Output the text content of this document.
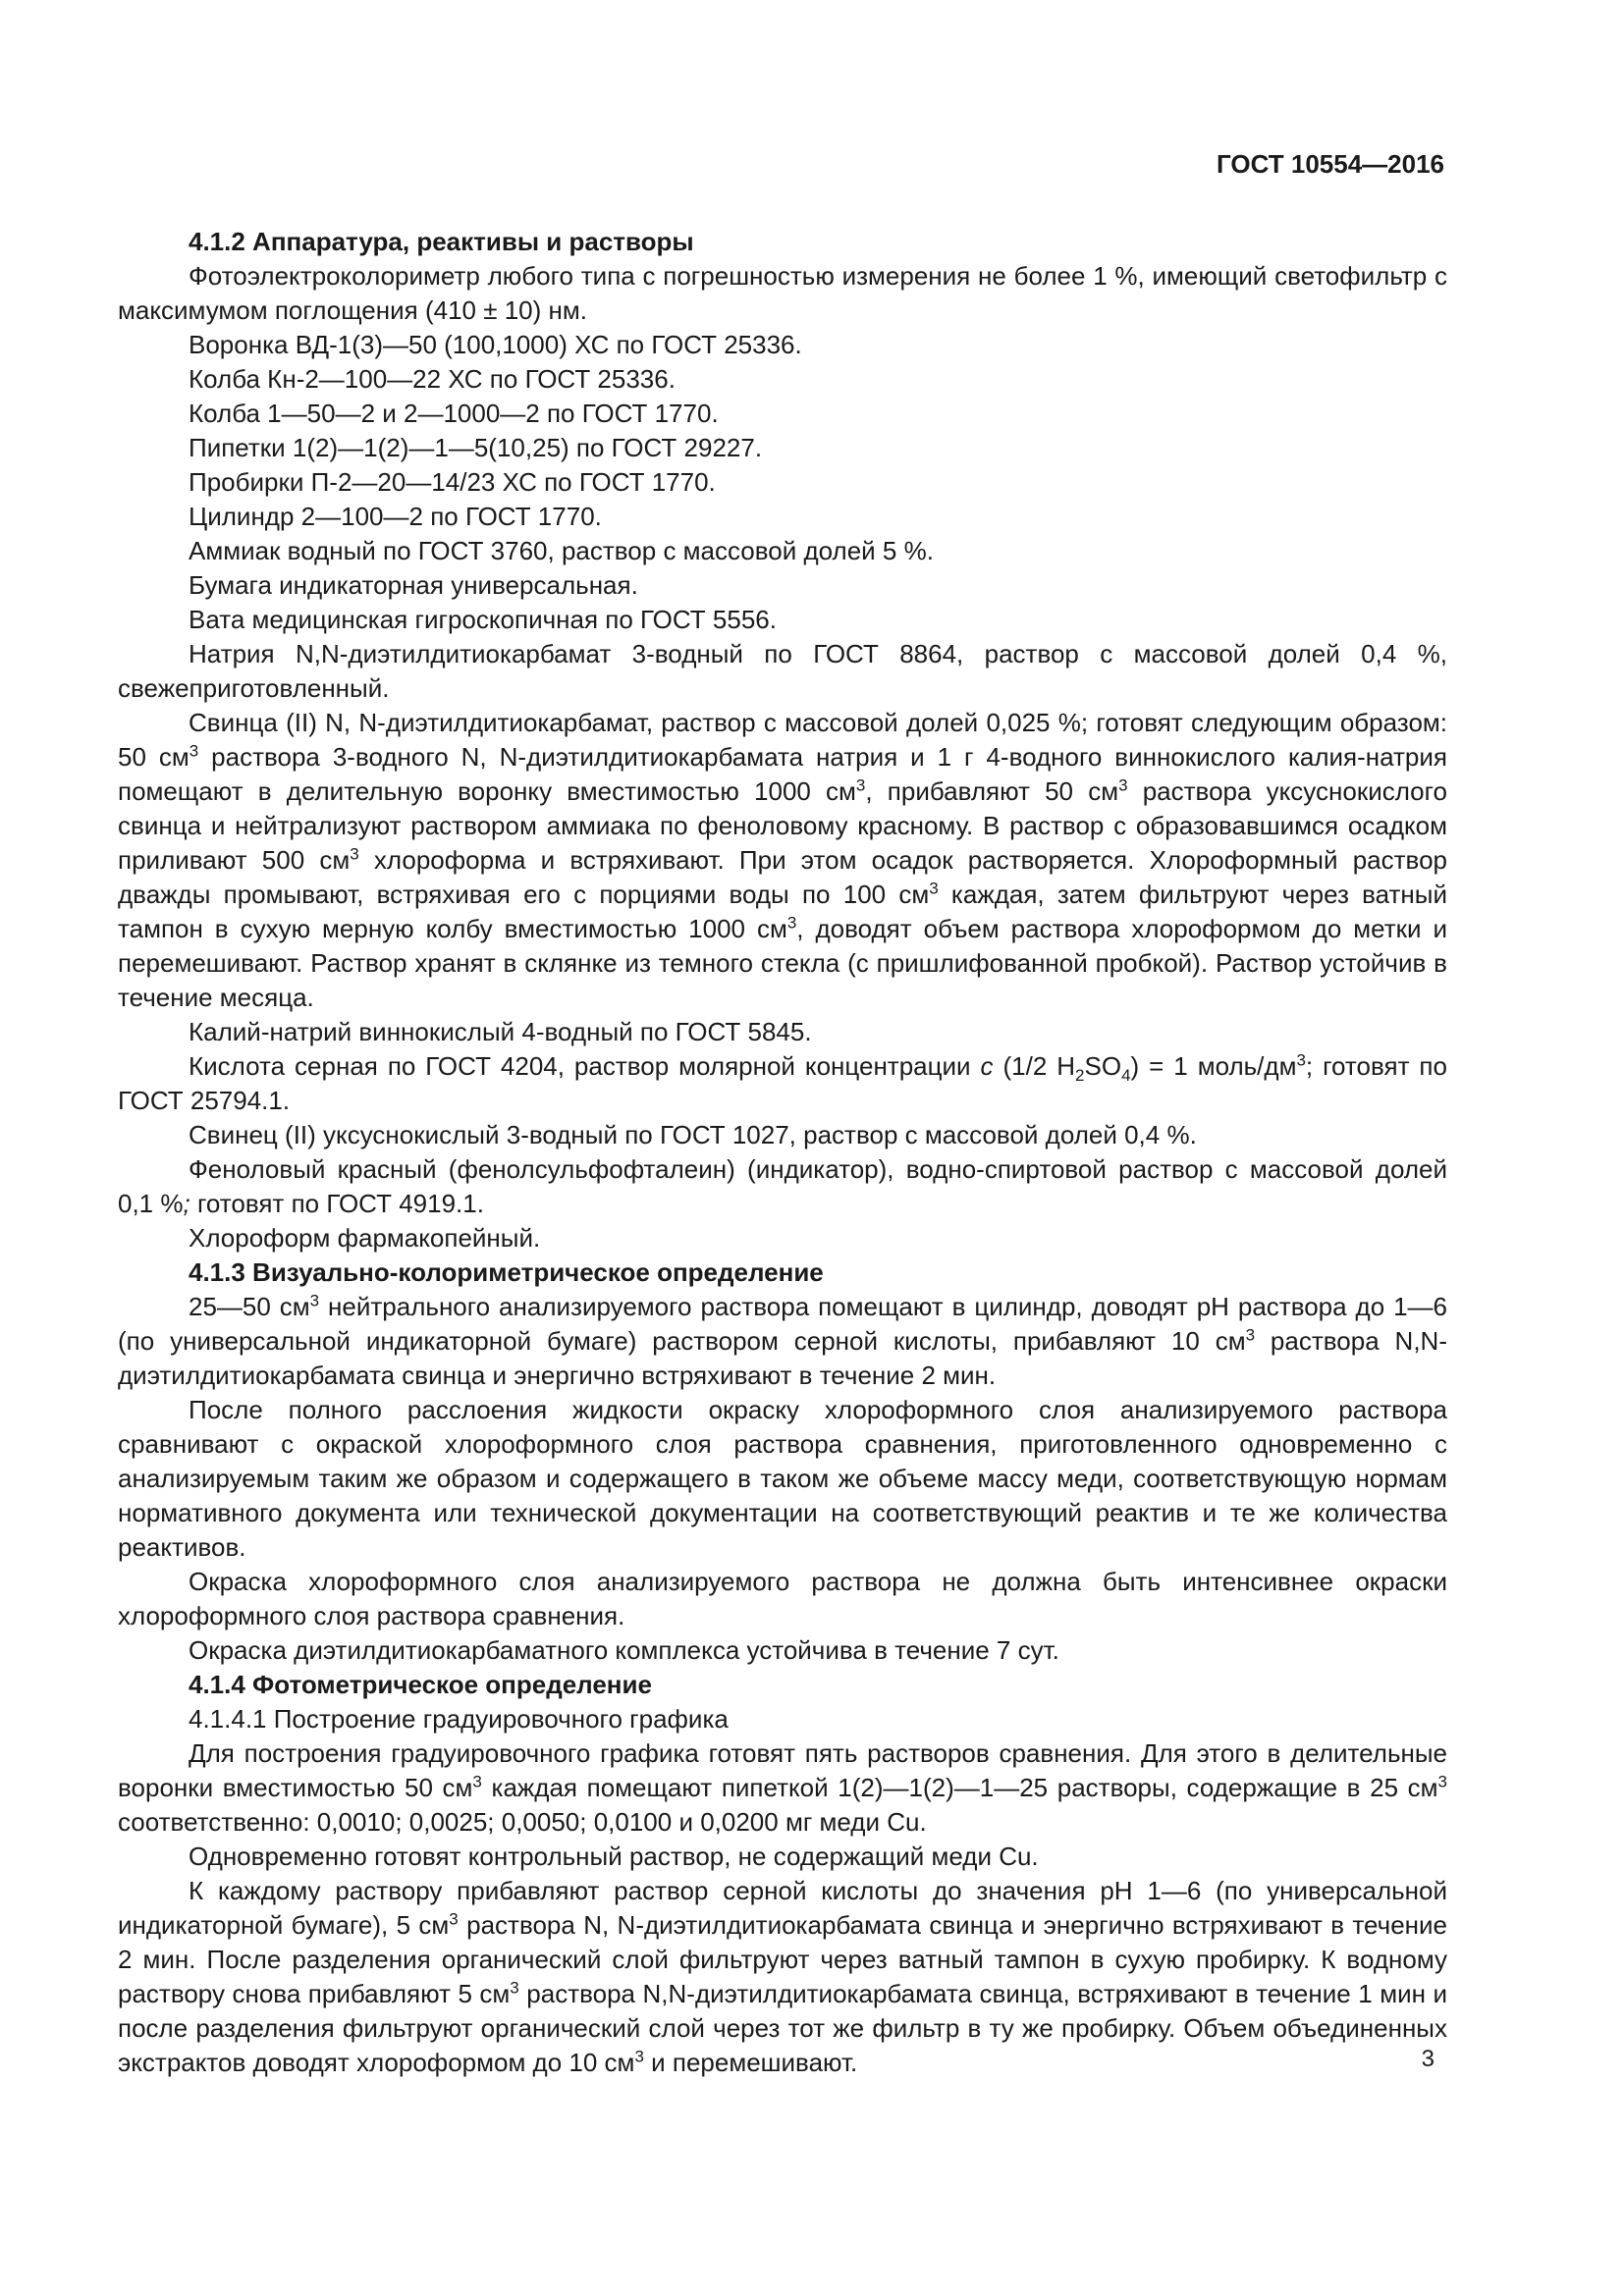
ГОСТ 10554—2016

4.1.2 Аппаратура, реактивы и растворы

Фотоэлектроколориметр любого типа с погрешностью измерения не более 1 %, имеющий светофильтр с максимумом поглощения (410 ± 10) нм.

Воронка ВД-1(3)—50 (100,1000) ХС по ГОСТ 25336.

Колба Кн-2—100—22 ХС по ГОСТ 25336.

Колба 1—50—2 и 2—1000—2 по ГОСТ 1770.

Пипетки 1(2)—1(2)—1—5(10,25) по ГОСТ 29227.

Пробирки П-2—20—14/23 ХС по ГОСТ 1770.

Цилиндр 2—100—2 по ГОСТ 1770.

Аммиак водный по ГОСТ 3760, раствор с массовой долей 5 %.

Бумага индикаторная универсальная.

Вата медицинская гигроскопичная по ГОСТ 5556.

Натрия N,N-диэтилдитиокарбамат 3-водный по ГОСТ 8864, раствор с массовой долей 0,4 %, свежеприготовленный.

Свинца (II) N, N-диэтилдитиокарбамат, раствор с массовой долей 0,025 %; готовят следующим образом: 50 $см^3$ раствора 3-водного N, N-диэтилдитиокарбамата натрия и 1 г 4-водного виннокислого калия-натрия помещают в делительную воронку вместимостью 1000 $см^3$, прибавляют 50 $см^3$ раствора уксуснокислого свинца и нейтрализуют раствором аммиака по феноловому красному. В раствор с образовавшимся осадком приливают 500 $см^3$ хлороформа и встряхивают. При этом осадок растворяется. Хлороформный раствор дважды промывают, встряхивая его с порциями воды по 100 $см^3$ каждая, затем фильтруют через ватный тампон в сухую мерную колбу вместимостью 1000 $см^3$, доводят объем раствора хлороформом до метки и перемешивают. Раствор хранят в склянке из темного стекла (с пришлифованной пробкой). Раствор устойчив в течение месяца.

Калий-натрий виннокислый 4-водный по ГОСТ 5845.

Кислота серная по ГОСТ 4204, раствор молярной концентрации c (1/2 $H_2SO_4) = 1$ моль/$дм^3$; готовят по ГОСТ 25794.1.

Свинец (II) уксуснокислый 3-водный по ГОСТ 1027, раствор с массовой долей 0,4 %.

Феноловый красный (фенолсульфофталеин) (индикатор), водно-спиртовой раствор с массовой долей 0,1 %; готовят по ГОСТ 4919.1.

Хлороформ фармакопейный.

4.1.3 Визуально-колориметрическое определение

25—50 $см^3$ нейтрального анализируемого раствора помещают в цилиндр, доводят pH раствора до 1—6 (по универсальной индикаторной бумаге) раствором серной кислоты, прибавляют 10 $см^3$ раствора N,N-диэтилдитиокарбамата свинца и энергично встряхивают в течение 2 мин.

После полного расслоения жидкости окраску хлороформного слоя анализируемого раствора сравнивают с окраской хлороформного слоя раствора сравнения, приготовленного одновременно с анализируемым таким же образом и содержащего в таком же объеме массу меди, соответствующую нормам нормативного документа или технической документации на соответствующий реактив и те же количества реактивов.

Окраска хлороформного слоя анализируемого раствора не должна быть интенсивнее окраски хлороформного слоя раствора сравнения.

Окраска диэтилдитиокарбаматного комплекса устойчива в течение 7 сут.

4.1.4 Фотометрическое определение

4.1.4.1 Построение градуировочного графика

Для построения градуировочного графика готовят пять растворов сравнения. Для этого в делительные воронки вместимостью 50 $см^3$ каждая помещают пипеткой 1(2)—1(2)—1—25 растворы, содержащие в 25 $см^3$ соответственно: 0,0010; 0,0025; 0,0050; 0,0100 и 0,0200 мг меди Cu.

Одновременно готовят контрольный раствор, не содержащий меди Cu.

К каждому раствору прибавляют раствор серной кислоты до значения pH 1—6 (по универсальной индикаторной бумаге), 5 $см^3$ раствора N, N-диэтилдитиокарбамата свинца и энергично встряхивают в течение 2 мин. После разделения органический слой фильтруют через ватный тампон в сухую пробирку. К водному раствору снова прибавляют 5 $см^3$ раствора N,N-диэтилдитиокарбамата свинца, встряхивают в течение 1 мин и после разделения фильтруют органический слой через тот же фильтр в ту же пробирку. Объем объединенных экстрактов доводят хлороформом до 10 $см^3$ и перемешивают.	3
